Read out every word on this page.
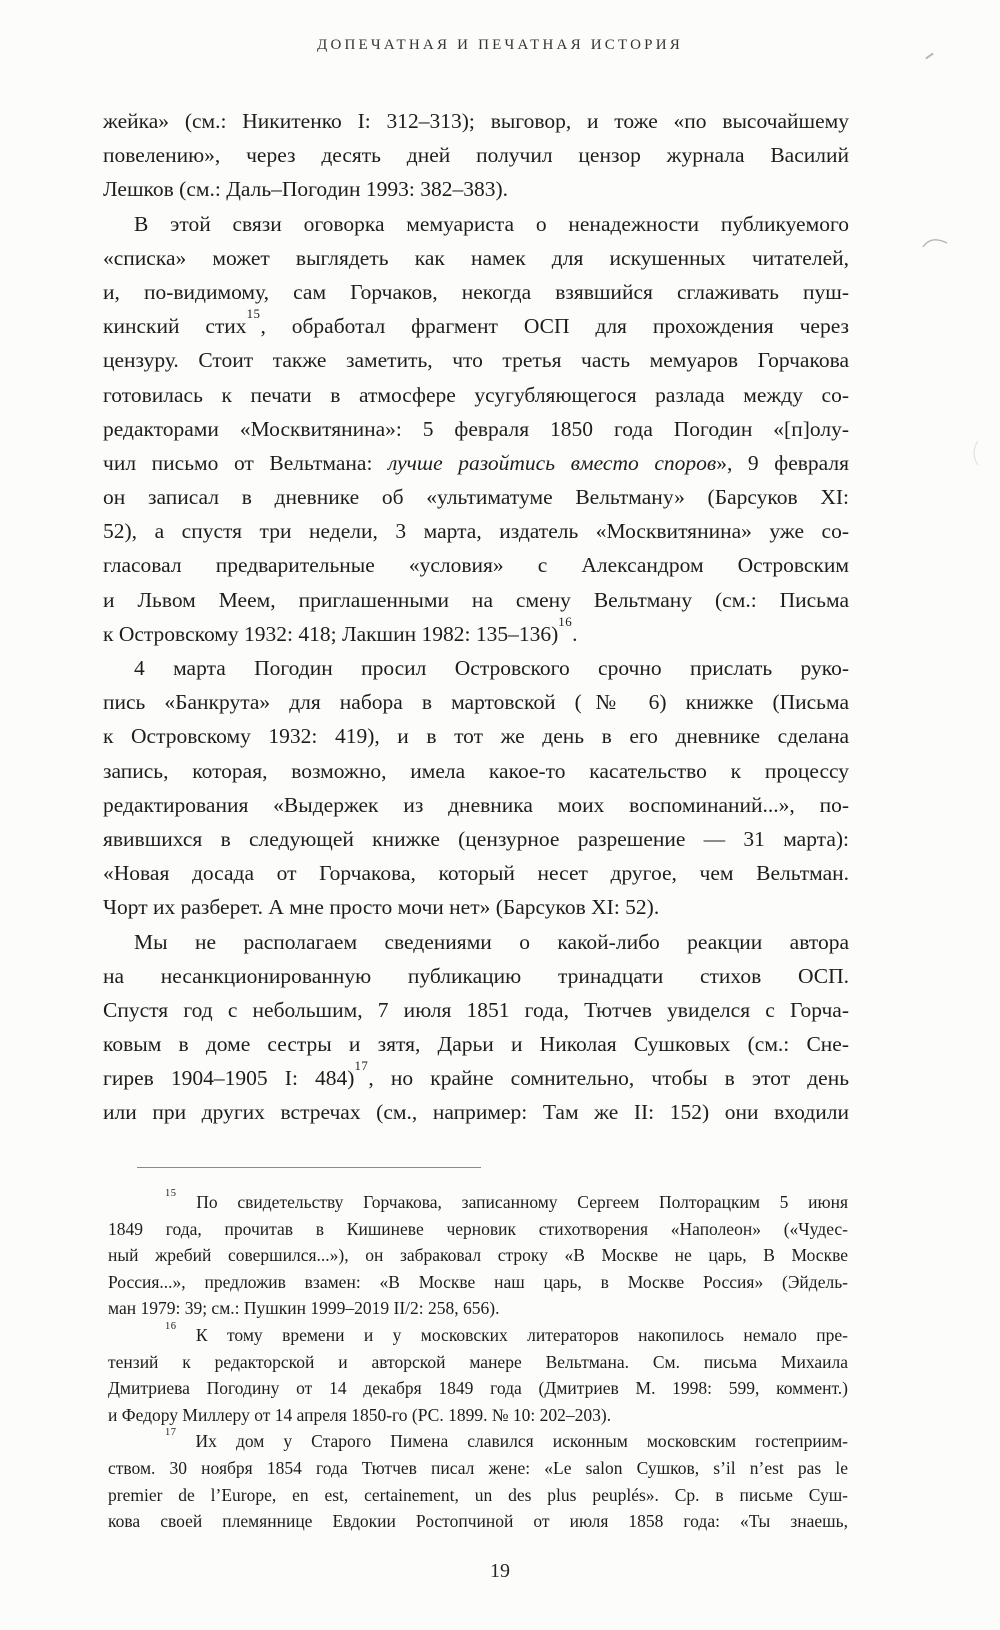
ДОПЕЧАТНАЯ И ПЕЧАТНАЯ ИСТОРИЯ
жейка» (см.: Никитенко I: 312–313); выговор, и тоже «по высочайшему
повелению», через десять дней получил цензор журнала Василий
Лешков (см.: Даль–Погодин 1993: 382–383).
В этой связи оговорка мемуариста о ненадежности публикуемого
«списка» может выглядеть как намек для искушенных читателей,
и, по-видимому, сам Горчаков, некогда взявшийся сглаживать пуш-
кинский стих$^{15}$, обработал фрагмент ОСП для прохождения через
цензуру. Стоит также заметить, что третья часть мемуаров Горчакова
готовилась к печати в атмосфере усугубляющегося разлада между со-
редакторами «Москвитянина»: 5 февраля 1850 года Погодин «[п]олу-
чил письмо от Вельтмана: лучше разойтись вместо споров», 9 февраля
он записал в дневнике об «ультиматуме Вельтману» (Барсуков XI:
52), а спустя три недели, 3 марта, издатель «Москвитянина» уже со-
гласовал предварительные «условия» с Александром Островским
и Львом Меем, приглашенными на смену Вельтману (см.: Письма
к Островскому 1932: 418; Лакшин 1982: 135–136)$^{16}$.
4 марта Погодин просил Островского срочно прислать руко-
пись «Банкрута» для набора в мартовской (№ 6) книжке (Письма
к Островскому 1932: 419), и в тот же день в его дневнике сделана
запись, которая, возможно, имела какое-то касательство к процессу
редактирования «Выдержек из дневника моих воспоминаний...», по-
явившихся в следующей книжке (цензурное разрешение — 31 марта):
«Новая досада от Горчакова, который несет другое, чем Вельтман.
Чорт их разберет. А мне просто мочи нет» (Барсуков XI: 52).
Мы не располагаем сведениями о какой-либо реакции автора
на несанкционированную публикацию тринадцати стихов ОСП.
Спустя год с небольшим, 7 июля 1851 года, Тютчев увиделся с Горча-
ковым в доме сестры и зятя, Дарьи и Николая Сушковых (см.: Сне-
гирев 1904–1905 I: 484)$^{17}$, но крайне сомнительно, чтобы в этот день
или при других встречах (см., например: Там же II: 152) они входили
$^{15}$ По свидетельству Горчакова, записанному Сергеем Полторацким 5 июня
1849 года, прочитав в Кишиневе черновик стихотворения «Наполеон» («Чудес-
ный жребий совершился...»), он забраковал строку «В Москве не царь, В Москве
Россия...», предложив взамен: «В Москве наш царь, в Москве Россия» (Эйдель-
ман 1979: 39; см.: Пушкин 1999–2019 II/2: 258, 656).
$^{16}$ К тому времени и у московских литераторов накопилось немало пре-
тензий к редакторской и авторской манере Вельтмана. См. письма Михаила
Дмитриева Погодину от 14 декабря 1849 года (Дмитриев М. 1998: 599, коммент.)
и Федору Миллеру от 14 апреля 1850-го (РС. 1899. № 10: 202–203).
$^{17}$ Их дом у Старого Пимена славился исконным московским гостеприим-
ством. 30 ноября 1854 года Тютчев писал жене: «Le salon Сушков, s’il n’est pas le
premier de l’Europe, en est, certainement, un des plus peuplés». Ср. в письме Суш-
кова своей племяннице Евдокии Ростопчиной от июля 1858 года: «Ты знаешь,
19
